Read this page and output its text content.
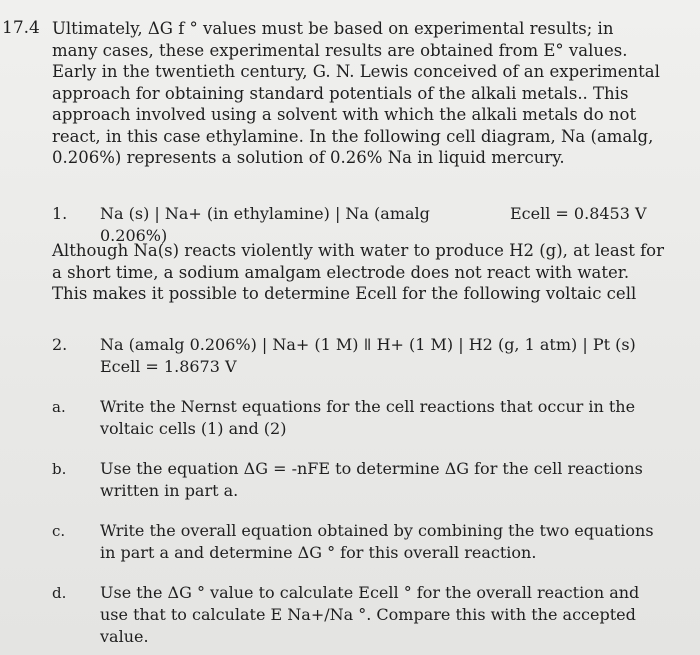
17.4 Ultimately, ΔG f ° values must be based on experimental results; in many cases, these experimental results are obtained from E° values. Early in the twentieth century, G. N. Lewis conceived of an experimental approach for obtaining standard potentials of the alkali metals.. This approach involved using a solvent with which the alkali metals do not react, in this case ethylamine. In the following cell diagram, Na (amalg, 0.206%) represents a solution of 0.26% Na in liquid mercury.

1. Na (s) | Na+ (in ethylamine) | Na (amalg 0.206%)
Ecell = 0.8453 V

Although Na(s) reacts violently with water to produce H2 (g), at least for a short time, a sodium amalgam electrode does not react with water. This makes it possible to determine Ecell for the following voltaic cell

2. Na (amalg 0.206%) | Na+ (1 M) ǁ H+ (1 M) | H2 (g, 1 atm) | Pt (s) Ecell = 1.8673 V
a. Write the Nernst equations for the cell reactions that occur in the voltaic cells (1) and (2)
b. Use the equation ΔG = -nFE to determine ΔG for the cell reactions written in part a.
c. Write the overall equation obtained by combining the two equations in part a and determine ΔG ° for this overall reaction.
d. Use the ΔG ° value to calculate Ecell ° for the overall reaction and use that to calculate E Na+/Na °. Compare this with the accepted value.
